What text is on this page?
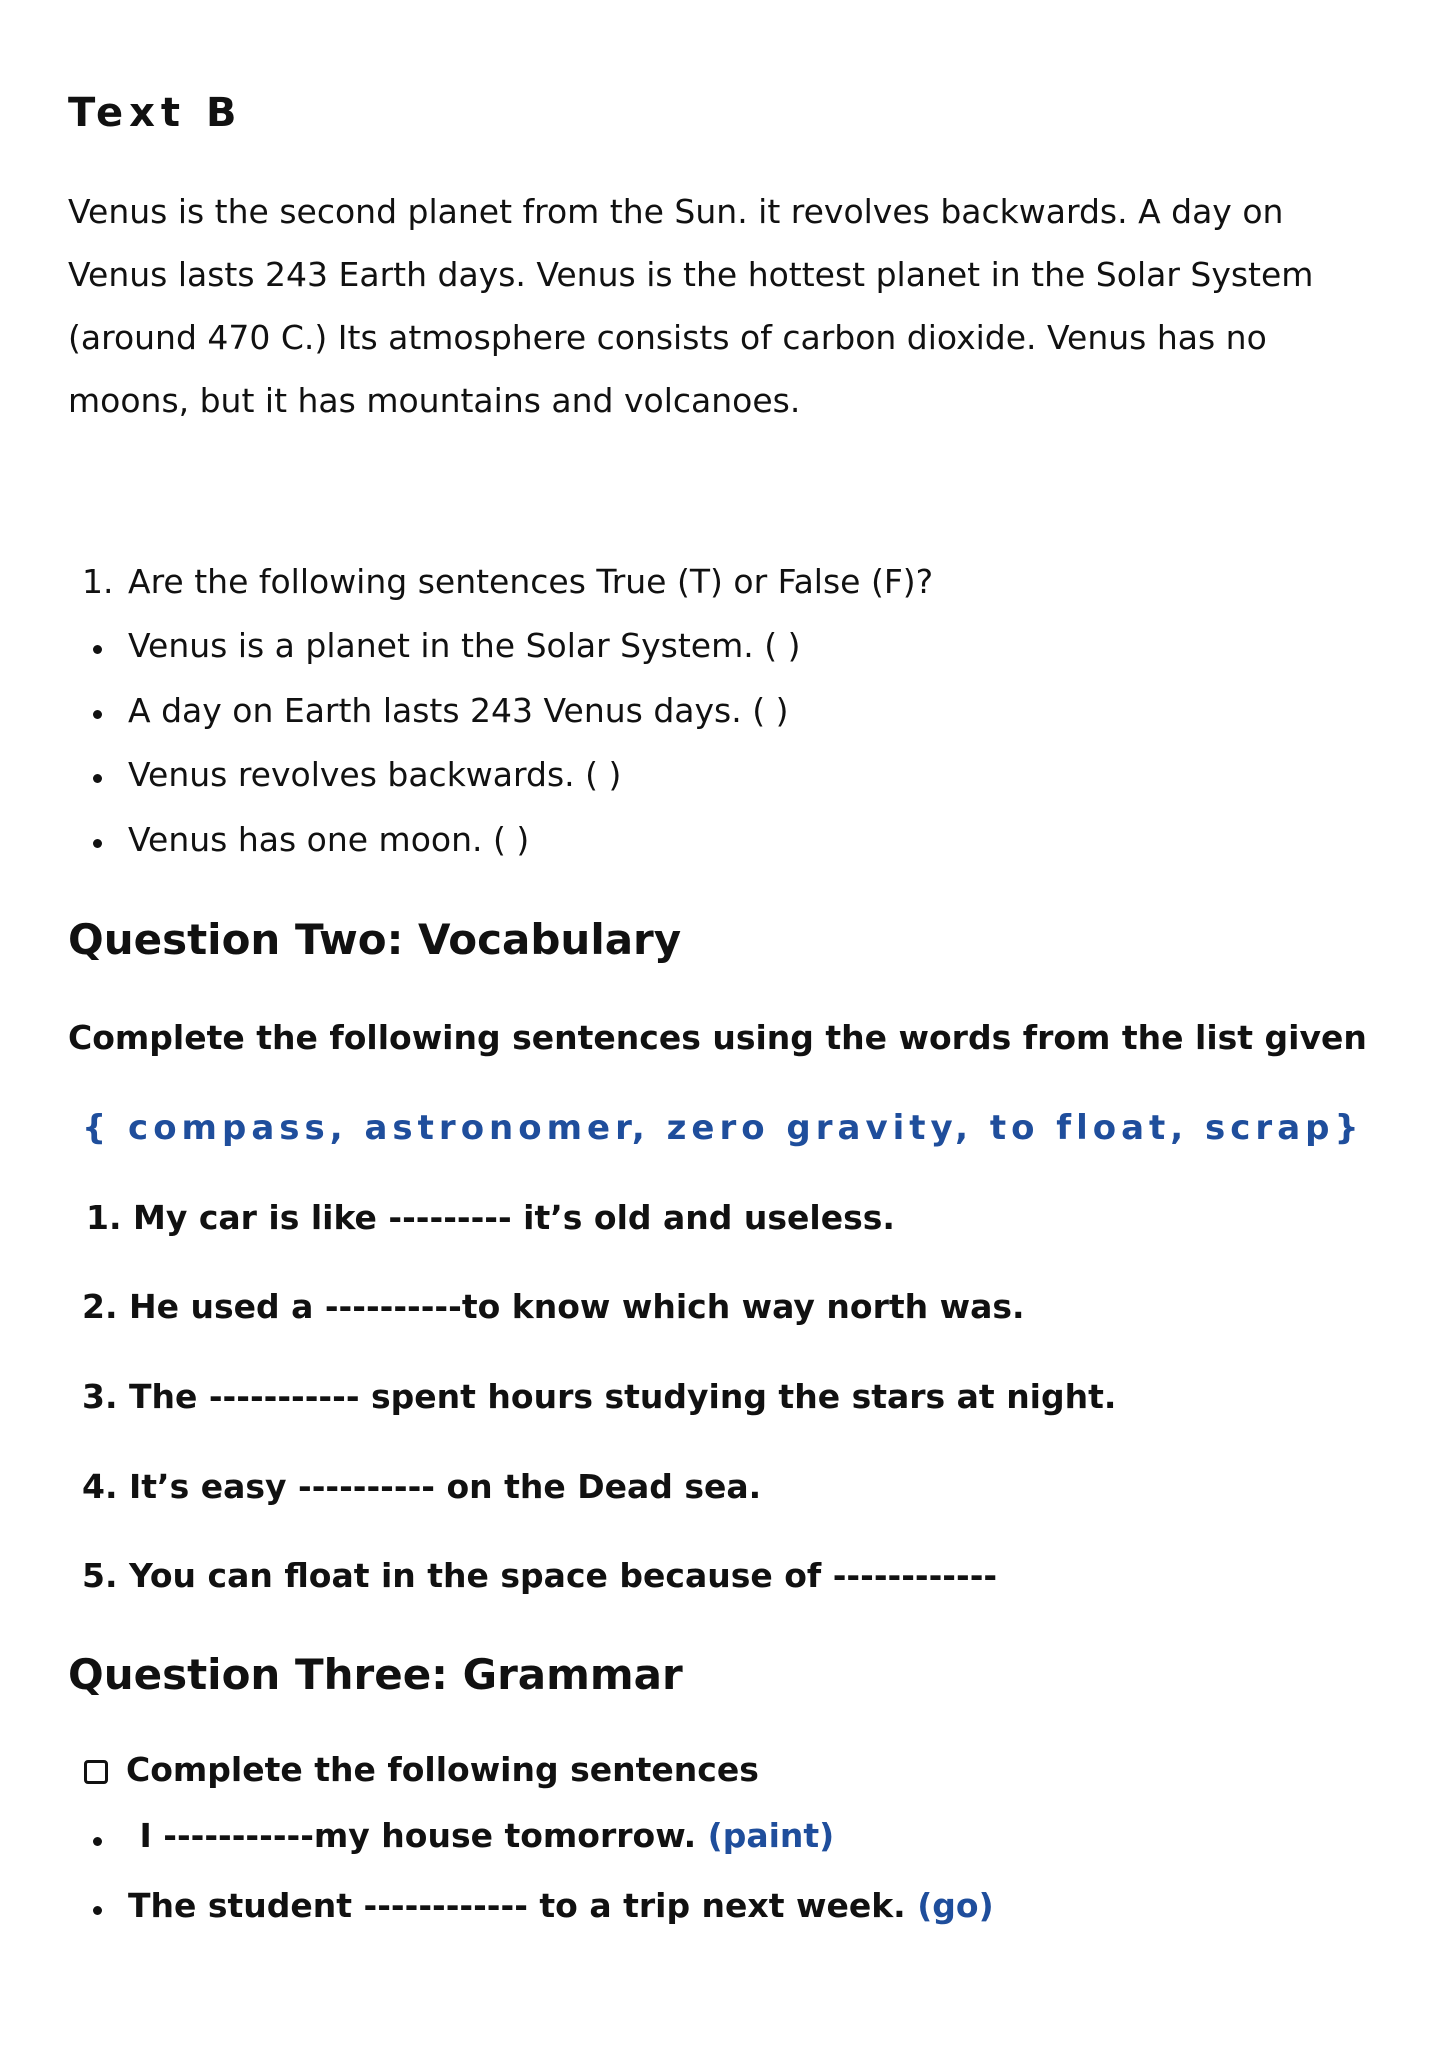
Text B
Venus is the second planet from the Sun. it revolves backwards. A day on Venus lasts 243 Earth days. Venus is the hottest planet in the Solar System (around 470 C.) Its atmosphere consists of carbon dioxide. Venus has no moons, but it has mountains and volcanoes.
1. Are the following sentences True (T) or False (F)?
Venus is a planet in the Solar System. ( )
A day on Earth lasts 243 Venus days. ( )
Venus revolves backwards. ( )
Venus has one moon. ( )
Question Two: Vocabulary
Complete the following sentences using the words from the list given
{ compass, astronomer, zero gravity, to float, scrap}
1. My car is like --------- it’s old and useless.
2. He used a ----------to know which way north was.
3. The ----------- spent hours studying the stars at night.
4. It’s easy ---------- on the Dead sea.
5. You can float in the space because of ------------
Question Three: Grammar
Complete the following sentences
I -----------my house tomorrow. (paint)
The student ------------ to a trip next week. (go)
